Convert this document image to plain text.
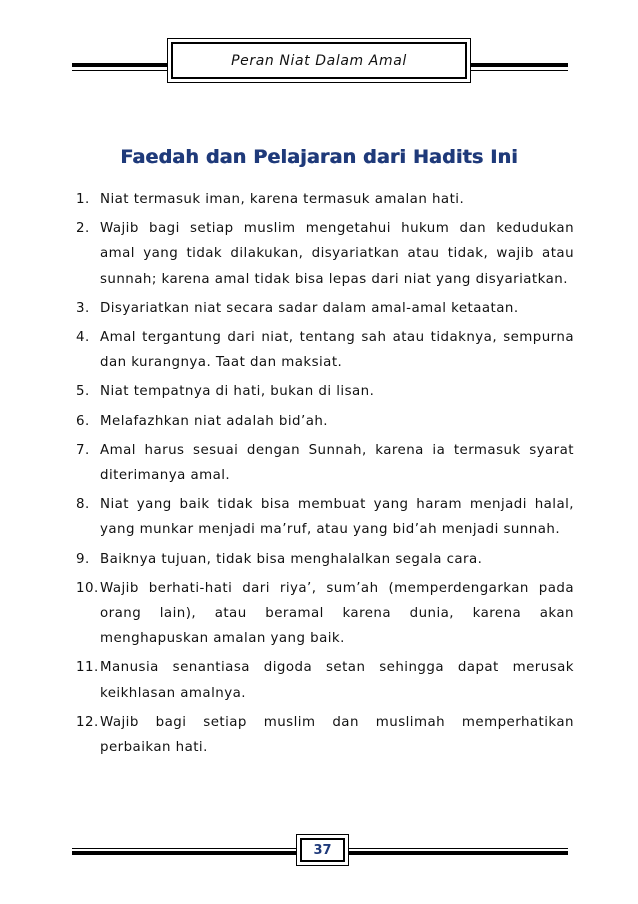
Peran Niat Dalam Amal
Faedah dan Pelajaran dari Hadits Ini
1. Niat termasuk iman, karena termasuk amalan hati.
2. Wajib bagi setiap muslim mengetahui hukum dan kedudukan amal yang tidak dilakukan, disyariatkan atau tidak, wajib atau sunnah; karena amal tidak bisa lepas dari niat yang disyariatkan.
3. Disyariatkan niat secara sadar dalam amal-amal ketaatan.
4. Amal tergantung dari niat, tentang sah atau tidaknya, sempurna dan kurangnya. Taat dan maksiat.
5. Niat tempatnya di hati, bukan di lisan.
6. Melafazhkan niat adalah bid’ah.
7. Amal harus sesuai dengan Sunnah, karena ia termasuk syarat diterimanya amal.
8. Niat yang baik tidak bisa membuat yang haram menjadi halal, yang munkar menjadi ma’ruf, atau yang bid’ah menjadi sunnah.
9. Baiknya tujuan, tidak bisa menghalalkan segala cara.
10. Wajib berhati-hati dari riya’, sum’ah (memperdengarkan pada orang lain), atau beramal karena dunia, karena akan menghapuskan amalan yang baik.
11. Manusia senantiasa digoda setan sehingga dapat merusak keikhlasan amalnya.
12. Wajib bagi setiap muslim dan muslimah memperhatikan perbaikan hati.
37
